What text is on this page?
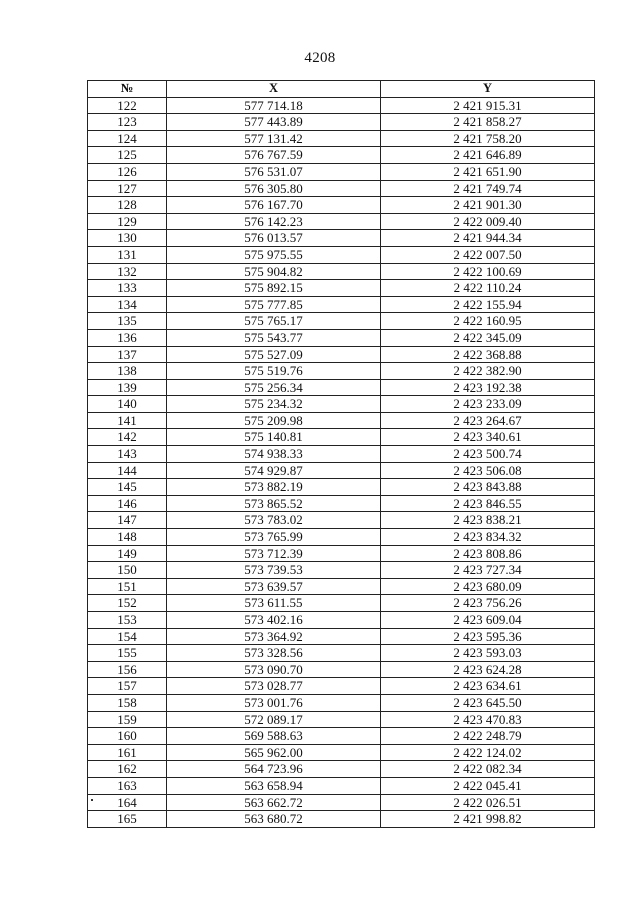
4208
№	X	Y
122	577 714.18	2 421 915.31
123	577 443.89	2 421 858.27
124	577 131.42	2 421 758.20
125	576 767.59	2 421 646.89
126	576 531.07	2 421 651.90
127	576 305.80	2 421 749.74
128	576 167.70	2 421 901.30
129	576 142.23	2 422 009.40
130	576 013.57	2 421 944.34
131	575 975.55	2 422 007.50
132	575 904.82	2 422 100.69
133	575 892.15	2 422 110.24
134	575 777.85	2 422 155.94
135	575 765.17	2 422 160.95
136	575 543.77	2 422 345.09
137	575 527.09	2 422 368.88
138	575 519.76	2 422 382.90
139	575 256.34	2 423 192.38
140	575 234.32	2 423 233.09
141	575 209.98	2 423 264.67
142	575 140.81	2 423 340.61
143	574 938.33	2 423 500.74
144	574 929.87	2 423 506.08
145	573 882.19	2 423 843.88
146	573 865.52	2 423 846.55
147	573 783.02	2 423 838.21
148	573 765.99	2 423 834.32
149	573 712.39	2 423 808.86
150	573 739.53	2 423 727.34
151	573 639.57	2 423 680.09
152	573 611.55	2 423 756.26
153	573 402.16	2 423 609.04
154	573 364.92	2 423 595.36
155	573 328.56	2 423 593.03
156	573 090.70	2 423 624.28
157	573 028.77	2 423 634.61
158	573 001.76	2 423 645.50
159	572 089.17	2 423 470.83
160	569 588.63	2 422 248.79
161	565 962.00	2 422 124.02
162	564 723.96	2 422 082.34
163	563 658.94	2 422 045.41
164	563 662.72	2 422 026.51
165	563 680.72	2 421 998.82
